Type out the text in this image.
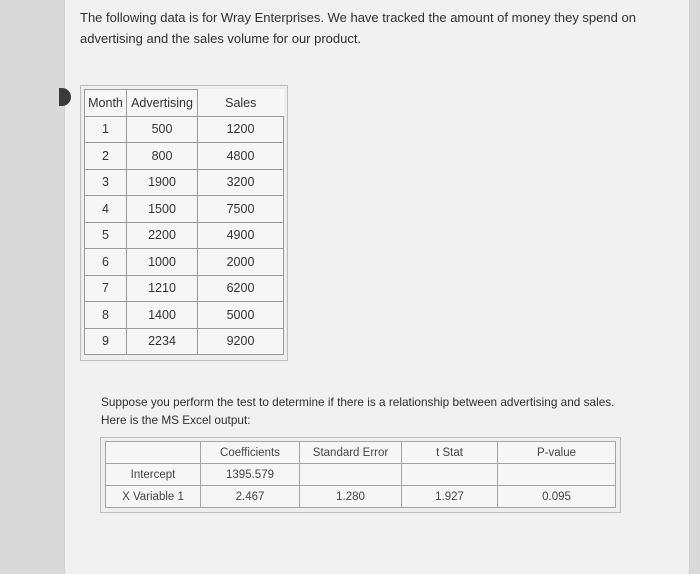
The following data is for Wray Enterprises. We have tracked the amount of money they spend on advertising and the sales volume for our product.
Month	Advertising	Sales
1	500	1200
2	800	4800
3	1900	3200
4	1500	7500
5	2200	4900
6	1000	2000
7	1210	6200
8	1400	5000
9	2234	9200
Suppose you perform the test to determine if there is a relationship between advertising and sales. Here is the MS Excel output:
	Coefficients	Standard Error	t Stat	P-value
Intercept	1395.579			
X Variable 1	2.467	1.280	1.927	0.095
